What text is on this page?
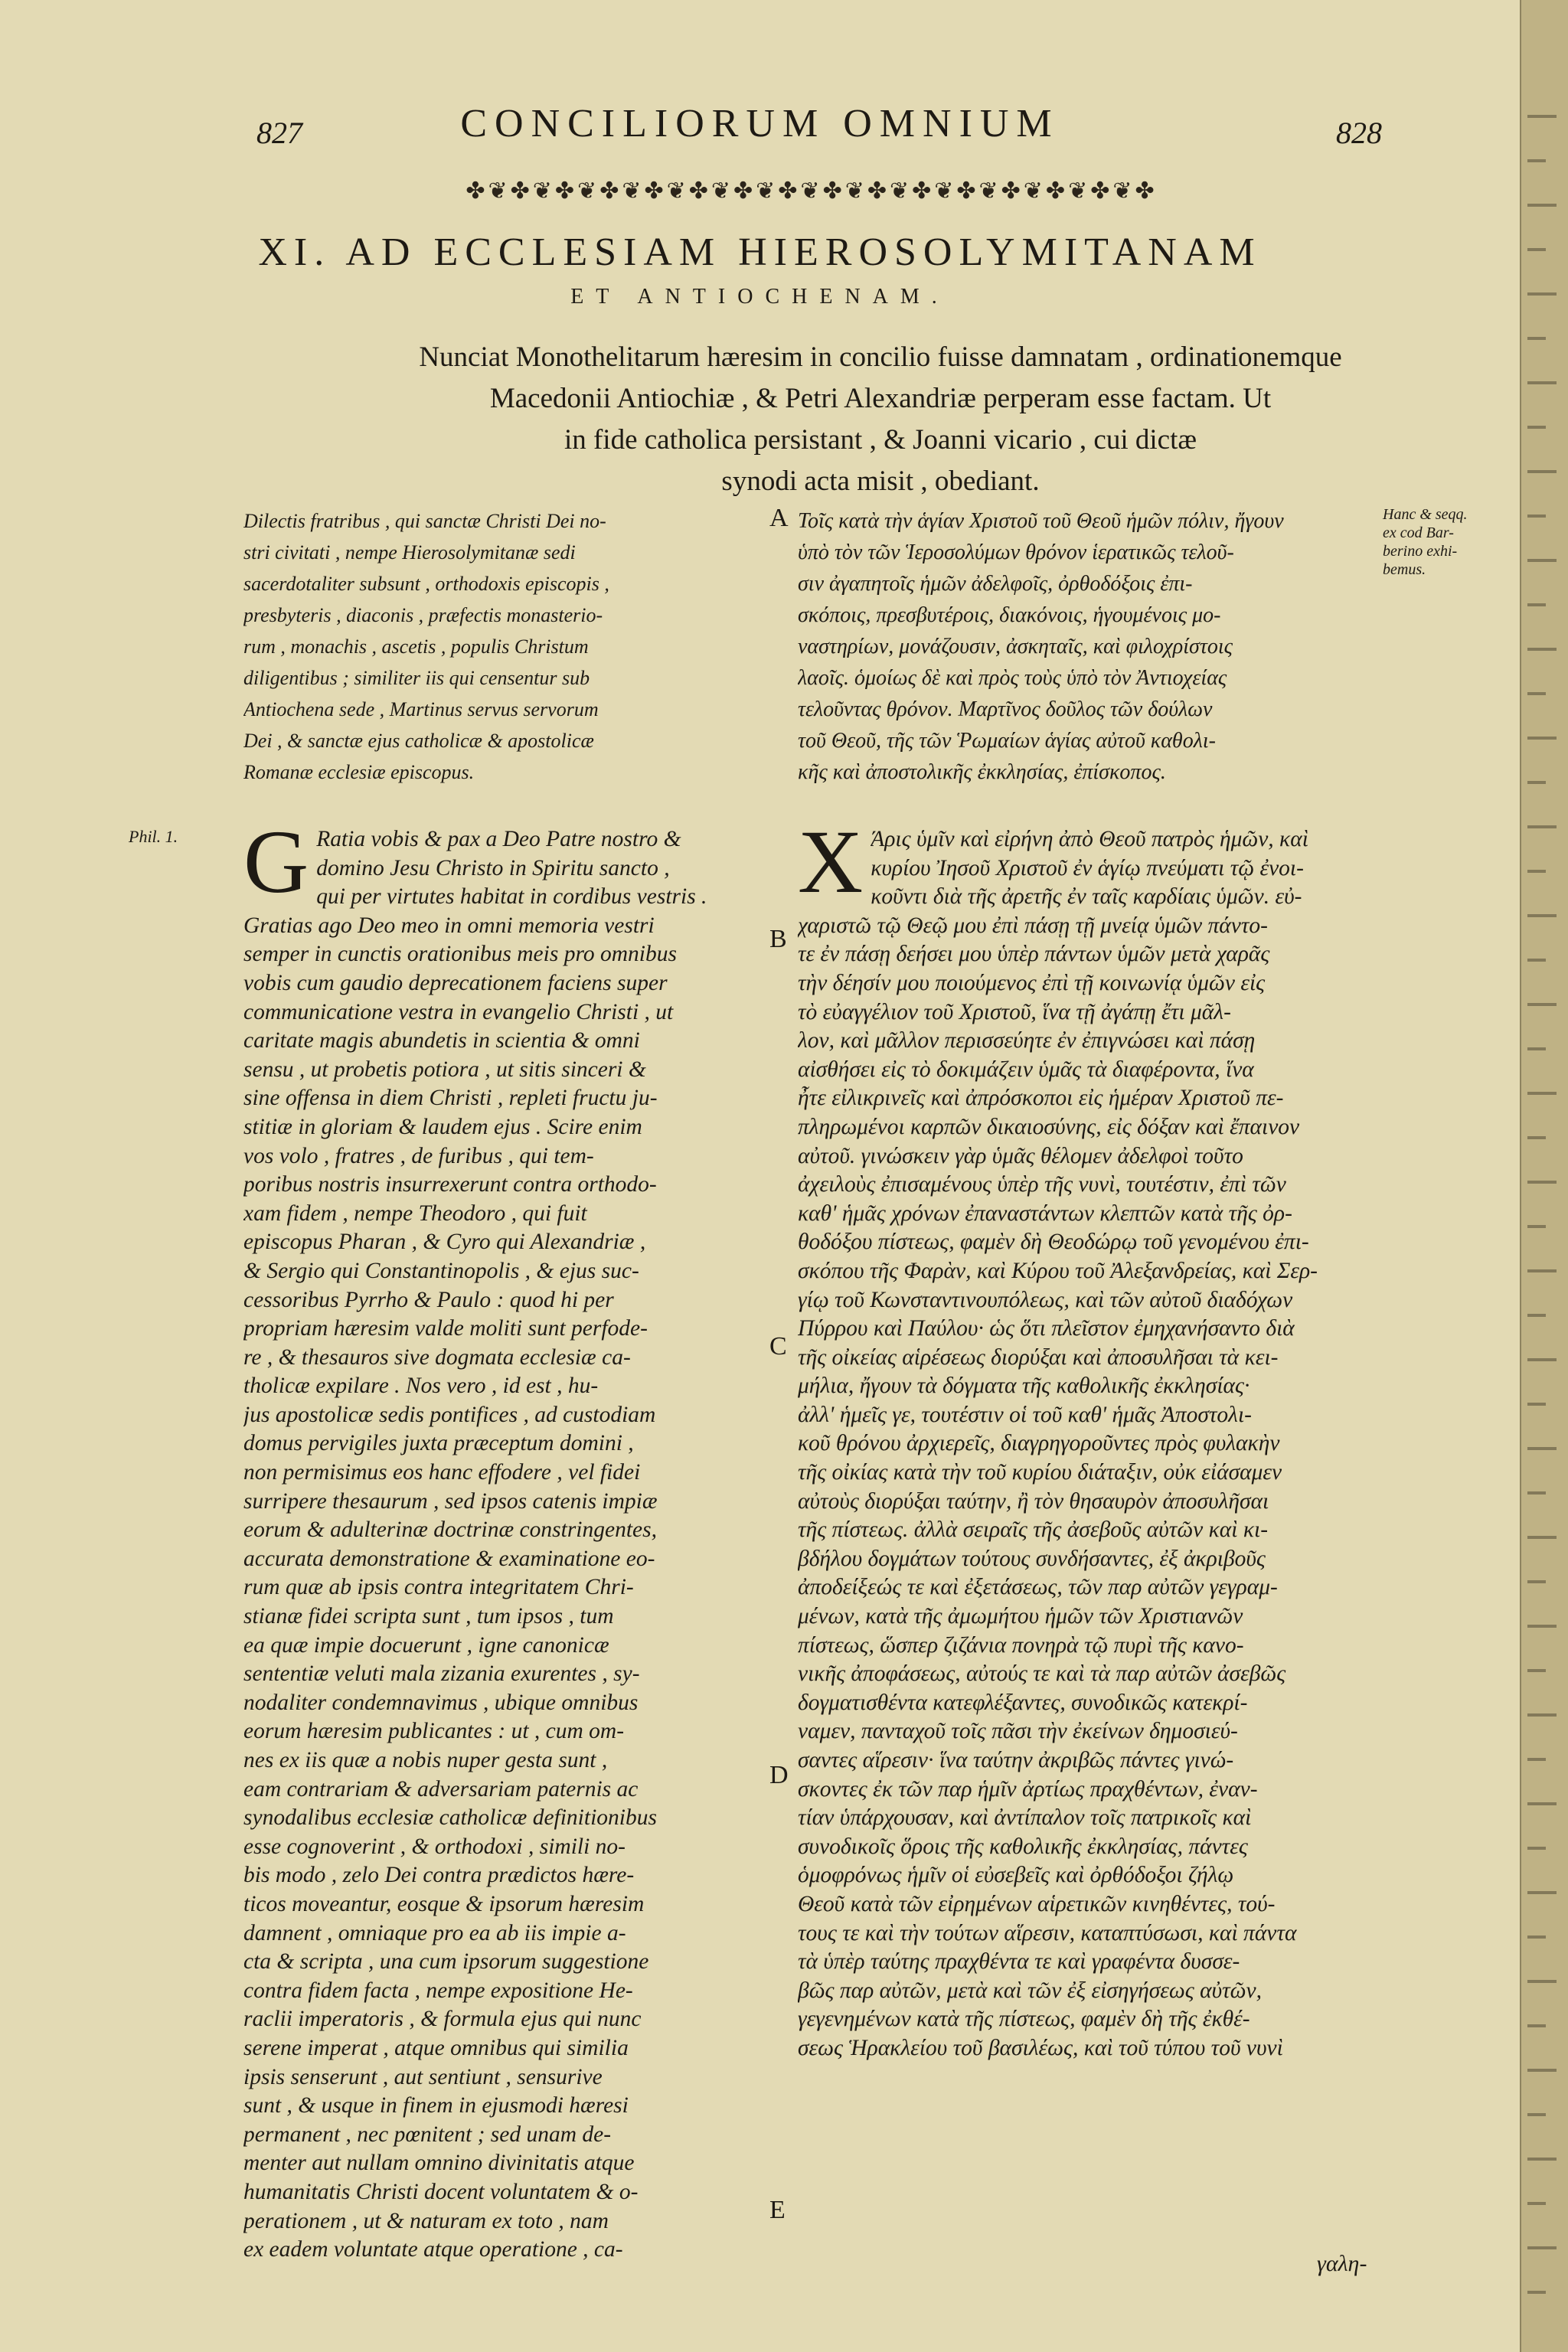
827	CONCILIORUM OMNIUM	828
✤❦✤❦✤❦✤❦✤❦✤❦✤❦✤❦✤❦✤❦✤❦✤❦✤❦✤❦✤❦✤
XI. AD ECCLESIAM HIEROSOLYMITANAM
ET ANTIOCHENAM.
Nunciat Monothelitarum hæresim in concilio fuisse damnatam , ordinationemque
Macedonii Antiochiæ , & Petri Alexandriæ perperam esse factam. Ut
in fide catholica persistant , & Joanni vicario , cui dictæ
synodi acta misit , obediant.
Dilectis fratribus , qui sanctæ Christi Dei no-
stri civitati , nempe Hierosolymitanæ sedi
sacerdotaliter subsunt , orthodoxis episcopis ,
presbyteris , diaconis , præfectis monasterio-
rum , monachis , ascetis , populis Christum
diligentibus ; similiter iis qui censentur sub
Antiochena sede , Martinus servus servorum
Dei , & sanctæ ejus catholicæ & apostolicæ
Romanæ ecclesiæ episcopus.
A Τοῖς κατὰ τὴν ἁγίαν Χριστοῦ τοῦ Θεοῦ ἡμῶν πόλιν, ἤγουν
ὑπὸ τὸν τῶν Ἱεροσολύμων θρόνον ἱερατικῶς τελοῦ-
σιν ἀγαπητοῖς ἡμῶν ἀδελφοῖς, ὀρθοδόξοις ἐπι-
σκόποις, πρεσβυτέροις, διακόνοις, ἡγουμένοις μο-
ναστηρίων, μονάζουσιν, ἀσκηταῖς, καὶ φιλοχρίστοις
λαοῖς. ὁμοίως δὲ καὶ πρὸς τοὺς ὑπὸ τὸν Ἀντιοχείας
τελοῦντας θρόνον. Μαρτῖνος δοῦλος τῶν δούλων
τοῦ Θεοῦ, τῆς τῶν Ῥωμαίων ἁγίας αὐτοῦ καθολι-
κῆς καὶ ἀποστολικῆς ἐκκλησίας, ἐπίσκοπος.
Hanc & seqq.
ex cod Bar-
berino exhi-
bemus.
Phil. 1. G Ratia vobis & pax a Deo Patre nostro &
domino Jesu Christo in Spiritu sancto ,
qui per virtutes habitat in cordibus vestris .
Gratias ago Deo meo in omni memoria vestri
semper in cunctis orationibus meis pro omnibus
vobis cum gaudio deprecationem faciens super
communicatione vestra in evangelio Christi , ut
caritate magis abundetis in scientia & omni
sensu , ut probetis potiora , ut sitis sinceri &
sine offensa in diem Christi , repleti fructu ju-
stitiæ in gloriam & laudem ejus . Scire enim
vos volo , fratres , de furibus , qui tem-
poribus nostris insurrexerunt contra orthodo-
xam fidem , nempe Theodoro , qui fuit
episcopus Pharan , & Cyro qui Alexandriæ ,
& Sergio qui Constantinopolis , & ejus suc-
cessoribus Pyrrho & Paulo : quod hi per
propriam hæresim valde moliti sunt perfode-
re , & thesauros sive dogmata ecclesiæ ca-
tholicæ expilare . Nos vero , id est , hu-
jus apostolicæ sedis pontifices , ad custodiam
domus pervigiles juxta præceptum domini ,
non permisimus eos hanc effodere , vel fidei
surripere thesaurum , sed ipsos catenis impiæ
eorum & adulterinæ doctrinæ constringentes,
accurata demonstratione & examinatione eo-
rum quæ ab ipsis contra integritatem Chri-
stianæ fidei scripta sunt , tum ipsos , tum
ea quæ impie docuerunt , igne canonicæ
sententiæ veluti mala zizania exurentes , sy-
nodaliter condemnavimus , ubique omnibus
eorum hæresim publicantes : ut , cum om-
nes ex iis quæ a nobis nuper gesta sunt ,
eam contrariam & adversariam paternis ac
synodalibus ecclesiæ catholicæ definitionibus
esse cognoverint , & orthodoxi , simili no-
bis modo , zelo Dei contra prædictos hære-
ticos moveantur, eosque & ipsorum hæresim
damnent , omniaque pro ea ab iis impie a-
cta & scripta , una cum ipsorum suggestione
contra fidem facta , nempe expositione He-
raclii imperatoris , & formula ejus qui nunc
serene imperat , atque omnibus qui similia
ipsis senserunt , aut sentiunt , sensurive
sunt , & usque in finem in ejusmodi hæresi
permanent , nec pœnitent ; sed unam de-
menter aut nullam omnino divinitatis atque
humanitatis Christi docent voluntatem & o-
perationem , ut & naturam ex toto , nam
ex eadem voluntate atque operatione , ca-
B
C
D
E
Χ Άρις ὑμῖν καὶ εἰρήνη ἀπὸ Θεοῦ πατρὸς ἡμῶν, καὶ
κυρίου Ἰησοῦ Χριστοῦ ἐν ἁγίῳ πνεύματι τῷ ἐνοι-
κοῦντι διὰ τῆς ἀρετῆς ἐν ταῖς καρδίαις ὑμῶν. εὐ-
χαριστῶ τῷ Θεῷ μου ἐπὶ πάσῃ τῇ μνείᾳ ὑμῶν πάντο-
τε ἐν πάσῃ δεήσει μου ὑπὲρ πάντων ὑμῶν μετὰ χαρᾶς
τὴν δέησίν μου ποιούμενος ἐπὶ τῇ κοινωνίᾳ ὑμῶν εἰς
τὸ εὐαγγέλιον τοῦ Χριστοῦ, ἵνα τῇ ἀγάπῃ ἔτι μᾶλ-
λον, καὶ μᾶλλον περισσεύητε ἐν ἐπιγνώσει καὶ πάσῃ
αἰσθήσει εἰς τὸ δοκιμάζειν ὑμᾶς τὰ διαφέροντα, ἵνα
ἦτε εἰλικρινεῖς καὶ ἀπρόσκοποι εἰς ἡμέραν Χριστοῦ πε-
πληρωμένοι καρπῶν δικαιοσύνης, εἰς δόξαν καὶ ἔπαινον
αὐτοῦ. γινώσκειν γὰρ ὑμᾶς θέλομεν ἀδελφοὶ τοῦτο
ἀχειλοὺς ἐπισαμένους ὑπὲρ τῆς νυνὶ, τουτέστιν, ἐπὶ τῶν
καθ' ἡμᾶς χρόνων ἐπαναστάντων κλεπτῶν κατὰ τῆς ὀρ-
θοδόξου πίστεως, φαμὲν δὴ Θεοδώρῳ τοῦ γενομένου ἐπι-
σκόπου τῆς Φαρὰν, καὶ Κύρου τοῦ Ἀλεξανδρείας, καὶ Σερ-
γίῳ τοῦ Κωνσταντινουπόλεως, καὶ τῶν αὐτοῦ διαδόχων
Πύρρου καὶ Παύλου· ὡς ὅτι πλεῖστον ἐμηχανήσαντο διὰ
τῆς οἰκείας αἱρέσεως διορύξαι καὶ ἀποσυλῆσαι τὰ κει-
μήλια, ἤγουν τὰ δόγματα τῆς καθολικῆς ἐκκλησίας·
ἀλλ' ἡμεῖς γε, τουτέστιν οἱ τοῦ καθ' ἡμᾶς Ἀποστολι-
κοῦ θρόνου ἀρχιερεῖς, διαγρηγοροῦντες πρὸς φυλακὴν
τῆς οἰκίας κατὰ τὴν τοῦ κυρίου διάταξιν, οὐκ εἰάσαμεν
αὐτοὺς διορύξαι ταύτην, ἢ τὸν θησαυρὸν ἀποσυλῆσαι
τῆς πίστεως. ἀλλὰ σειραῖς τῆς ἀσεβοῦς αὐτῶν καὶ κι-
βδήλου δογμάτων τούτους συνδήσαντες, ἐξ ἀκριβοῦς
ἀποδείξεώς τε καὶ ἐξετάσεως, τῶν παρ αὐτῶν γεγραμ-
μένων, κατὰ τῆς ἀμωμήτου ἡμῶν τῶν Χριστιανῶν
πίστεως, ὥσπερ ζιζάνια πονηρὰ τῷ πυρὶ τῆς κανο-
νικῆς ἀποφάσεως, αὐτούς τε καὶ τὰ παρ αὐτῶν ἀσεβῶς
δογματισθέντα κατεφλέξαντες, συνοδικῶς κατεκρί-
ναμεν, πανταχοῦ τοῖς πᾶσι τὴν ἐκείνων δημοσιεύ-
σαντες αἵρεσιν· ἵνα ταύτην ἀκριβῶς πάντες γινώ-
σκοντες ἐκ τῶν παρ ἡμῖν ἀρτίως πραχθέντων, ἐναν-
τίαν ὑπάρχουσαν, καὶ ἀντίπαλον τοῖς πατρικοῖς καὶ
συνοδικοῖς ὅροις τῆς καθολικῆς ἐκκλησίας, πάντες
ὁμοφρόνως ἡμῖν οἱ εὐσεβεῖς καὶ ὀρθόδοξοι ζήλῳ
Θεοῦ κατὰ τῶν εἰρημένων αἱρετικῶν κινηθέντες, τού-
τους τε καὶ τὴν τούτων αἵρεσιν, καταπτύσωσι, καὶ πάντα
τὰ ὑπὲρ ταύτης πραχθέντα τε καὶ γραφέντα δυσσε-
βῶς παρ αὐτῶν, μετὰ καὶ τῶν ἐξ εἰσηγήσεως αὐτῶν,
γεγενημένων κατὰ τῆς πίστεως, φαμὲν δὴ τῆς ἐκθέ-
σεως Ἡρακλείου τοῦ βασιλέως, καὶ τοῦ τύπου τοῦ νυνὶ
γαλη-
